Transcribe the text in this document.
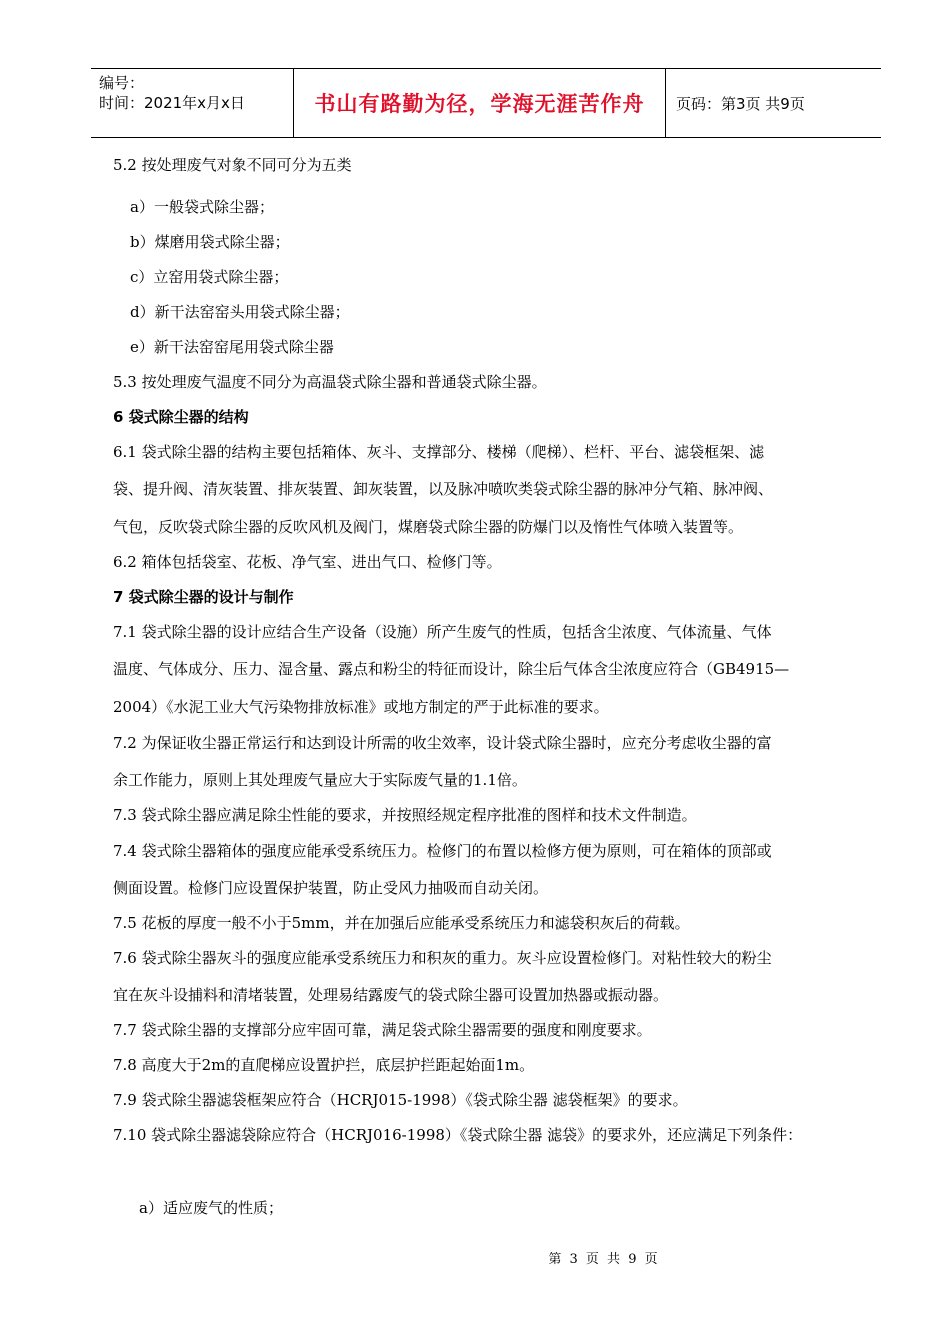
编号：
时间：2021年x月x日	书山有路勤为径，学海无涯苦作舟	页码：第3页 共9页
5.2 按处理废气对象不同可分为五类
a）一般袋式除尘器；
b）煤磨用袋式除尘器；
c）立窑用袋式除尘器；
d）新干法窑窑头用袋式除尘器；
e）新干法窑窑尾用袋式除尘器
5.3 按处理废气温度不同分为高温袋式除尘器和普通袋式除尘器。
6 袋式除尘器的结构
6.1 袋式除尘器的结构主要包括箱体、灰斗、支撑部分、楼梯（爬梯）、栏杆、平台、滤袋框架、滤
袋、提升阀、清灰装置、排灰装置、卸灰装置，以及脉冲喷吹类袋式除尘器的脉冲分气箱、脉冲阀、
气包，反吹袋式除尘器的反吹风机及阀门，煤磨袋式除尘器的防爆门以及惰性气体喷入装置等。
6.2 箱体包括袋室、花板、净气室、进出气口、检修门等。
7 袋式除尘器的设计与制作
7.1 袋式除尘器的设计应结合生产设备（设施）所产生废气的性质，包括含尘浓度、气体流量、气体
温度、气体成分、压力、湿含量、露点和粉尘的特征而设计，除尘后气体含尘浓度应符合（GB4915—
2004）《水泥工业大气污染物排放标准》或地方制定的严于此标准的要求。
7.2 为保证收尘器正常运行和达到设计所需的收尘效率，设计袋式除尘器时，应充分考虑收尘器的富
余工作能力，原则上其处理废气量应大于实际废气量的1.1倍。
7.3 袋式除尘器应满足除尘性能的要求，并按照经规定程序批准的图样和技术文件制造。
7.4 袋式除尘器箱体的强度应能承受系统压力。检修门的布置以检修方便为原则，可在箱体的顶部或
侧面设置。检修门应设置保护装置，防止受风力抽吸而自动关闭。
7.5 花板的厚度一般不小于5mm，并在加强后应能承受系统压力和滤袋积灰后的荷载。
7.6 袋式除尘器灰斗的强度应能承受系统压力和积灰的重力。灰斗应设置检修门。对粘性较大的粉尘
宜在灰斗设捕料和清堵装置，处理易结露废气的袋式除尘器可设置加热器或振动器。
7.7 袋式除尘器的支撑部分应牢固可靠，满足袋式除尘器需要的强度和刚度要求。
7.8 高度大于2m的直爬梯应设置护拦，底层护拦距起始面1m。
7.9 袋式除尘器滤袋框架应符合（HCRJ015-1998）《袋式除尘器 滤袋框架》的要求。
7.10 袋式除尘器滤袋除应符合（HCRJ016-1998）《袋式除尘器 滤袋》的要求外，还应满足下列条件：
a）适应废气的性质；
第 3 页 共 9 页
